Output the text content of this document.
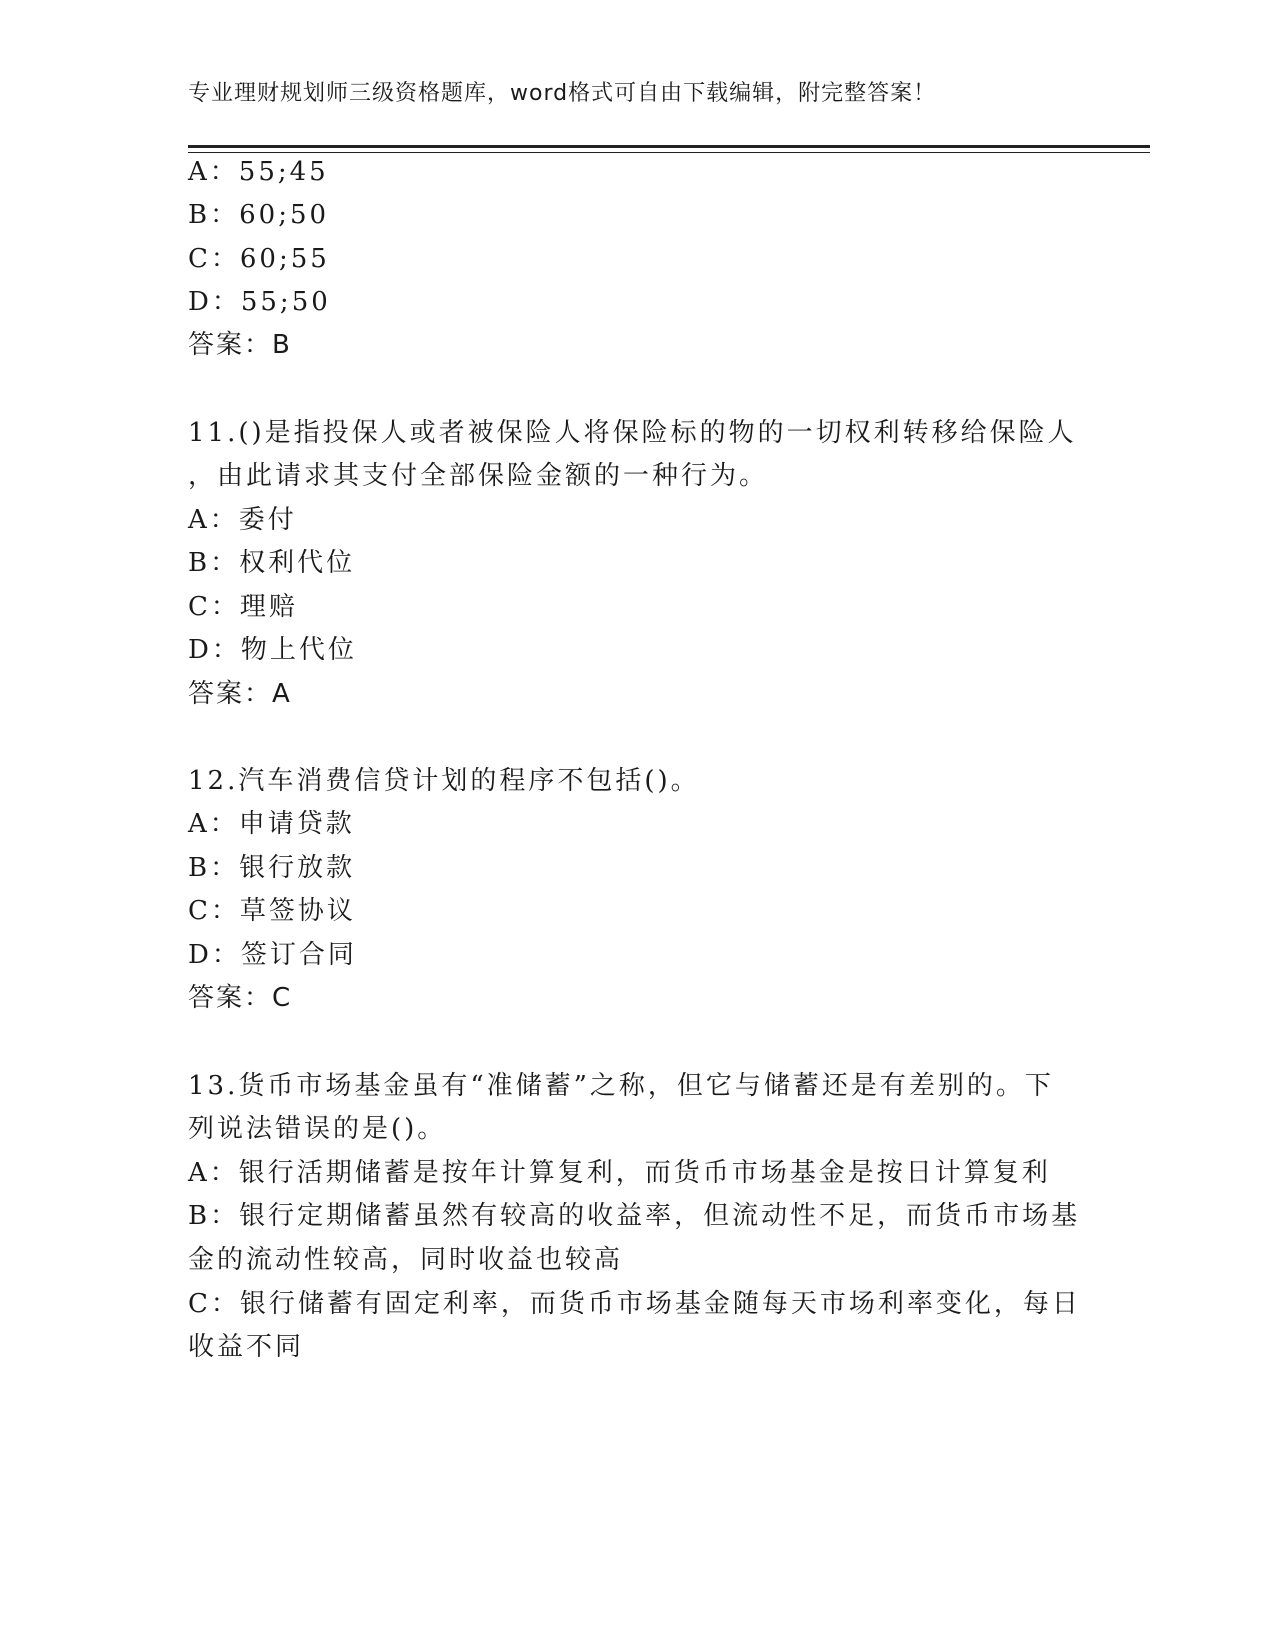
专业理财规划师三级资格题库，word格式可自由下载编辑，附完整答案！
A：55;45
B：60;50
C：60;55
D：55;50
答案：B
11.()是指投保人或者被保险人将保险标的物的一切权利转移给保险人
，由此请求其支付全部保险金额的一种行为。
A：委付
B：权利代位
C：理赔
D：物上代位
答案：A
12.汽车消费信贷计划的程序不包括()。
A：申请贷款
B：银行放款
C：草签协议
D：签订合同
答案：C
13.货币市场基金虽有“准储蓄”之称，但它与储蓄还是有差别的。下
列说法错误的是()。
A：银行活期储蓄是按年计算复利，而货币市场基金是按日计算复利
B：银行定期储蓄虽然有较高的收益率，但流动性不足，而货币市场基
金的流动性较高，同时收益也较高
C：银行储蓄有固定利率，而货币市场基金随每天市场利率变化，每日
收益不同
